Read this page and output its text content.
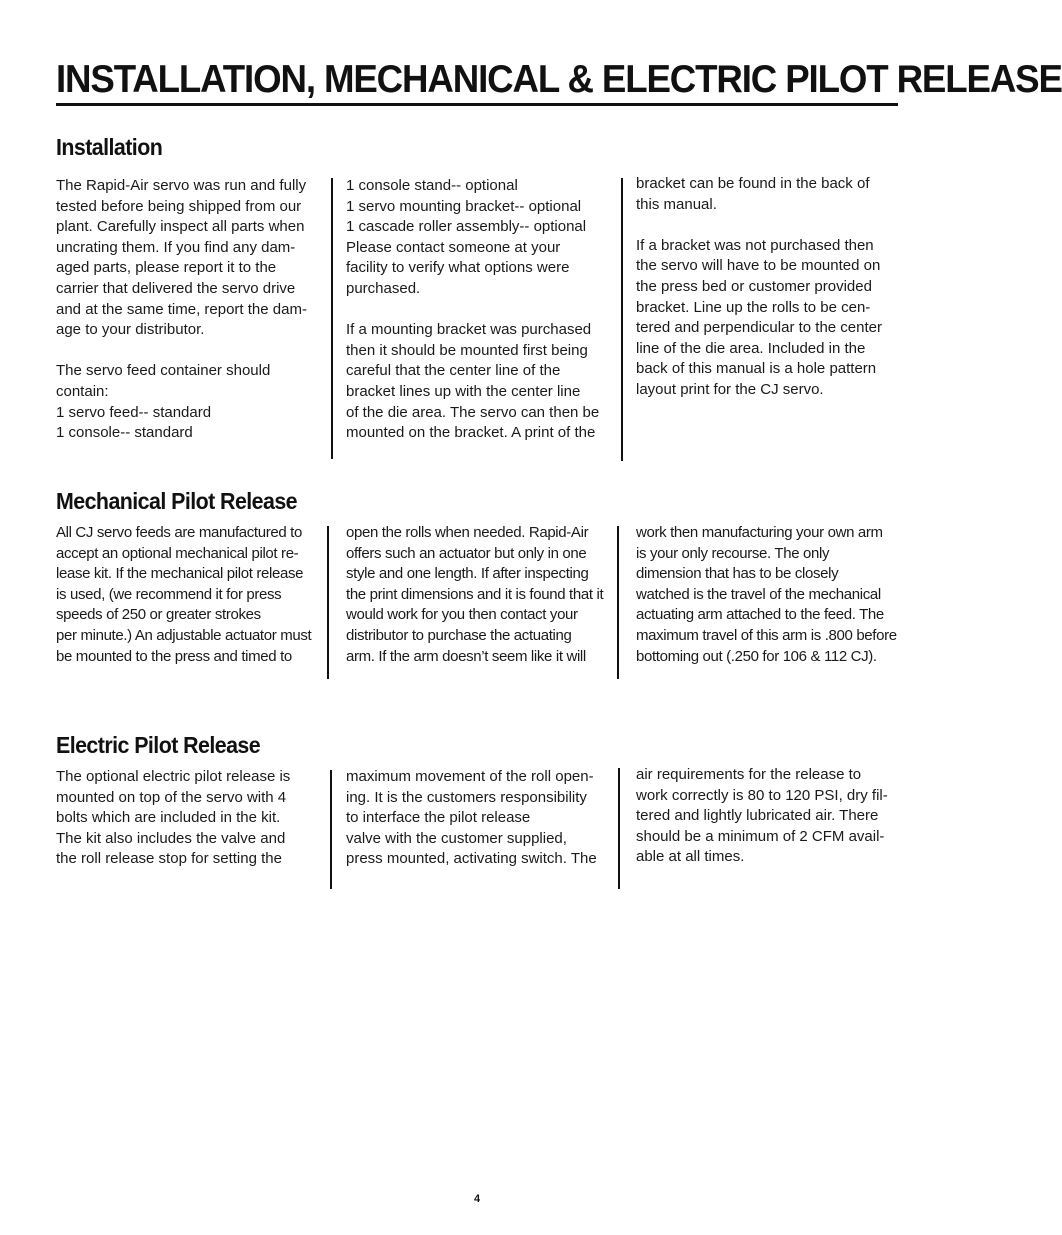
INSTALLATION, MECHANICAL & ELECTRIC PILOT RELEASE
Installation

The Rapid-Air servo was run and fully
tested before being shipped from our
plant. Carefully inspect all parts when
uncrating them. If you find any dam-
aged parts, please report it to the
carrier that delivered the servo drive
and at the same time, report the dam-
age to your distributor.

The servo feed container should
contain:
1 servo feed-- standard
1 console-- standard

1 console stand-- optional
1 servo mounting bracket-- optional
1 cascade roller assembly-- optional
Please contact someone at your
facility to verify what options were
purchased.

If a mounting bracket was purchased
then it should be mounted first being
careful that the center line of the
bracket lines up with the center line
of the die area. The servo can then be
mounted on the bracket. A print of the

bracket can be found in the back of
this manual.

If a bracket was not purchased then
the servo will have to be mounted on
the press bed or customer provided
bracket. Line up the rolls to be cen-
tered and perpendicular to the center
line of the die area. Included in the
back of this manual is a hole pattern
layout print for the CJ servo.

Mechanical Pilot Release

All CJ servo feeds are manufactured to
accept an optional mechanical pilot re-
lease kit. If the mechanical pilot release
is used, (we recommend it for press
speeds of 250 or greater strokes
per minute.) An adjustable actuator must
be mounted to the press and timed to

open the rolls when needed. Rapid-Air
offers such an actuator but only in one
style and one length. If after inspecting
the print dimensions and it is found that it
would work for you then contact your
distributor to purchase the actuating
arm. If the arm doesn’t seem like it will

work then manufacturing your own arm
is your only recourse. The only
dimension that has to be closely
watched is the travel of the mechanical
actuating arm attached to the feed. The
maximum travel of this arm is .800 before
bottoming out (.250 for 106 & 112 CJ).

Electric Pilot Release

The optional electric pilot release is
mounted on top of the servo with 4
bolts which are included in the kit.
The kit also includes the valve and
the roll release stop for setting the

maximum movement of the roll open-
ing. It is the customers responsibility
to interface the pilot release
valve with the customer supplied,
press mounted, activating switch. The

air requirements for the release to
work correctly is 80 to 120 PSI, dry fil-
tered and lightly lubricated air. There
should be a minimum of 2 CFM avail-
able at all times.

4
